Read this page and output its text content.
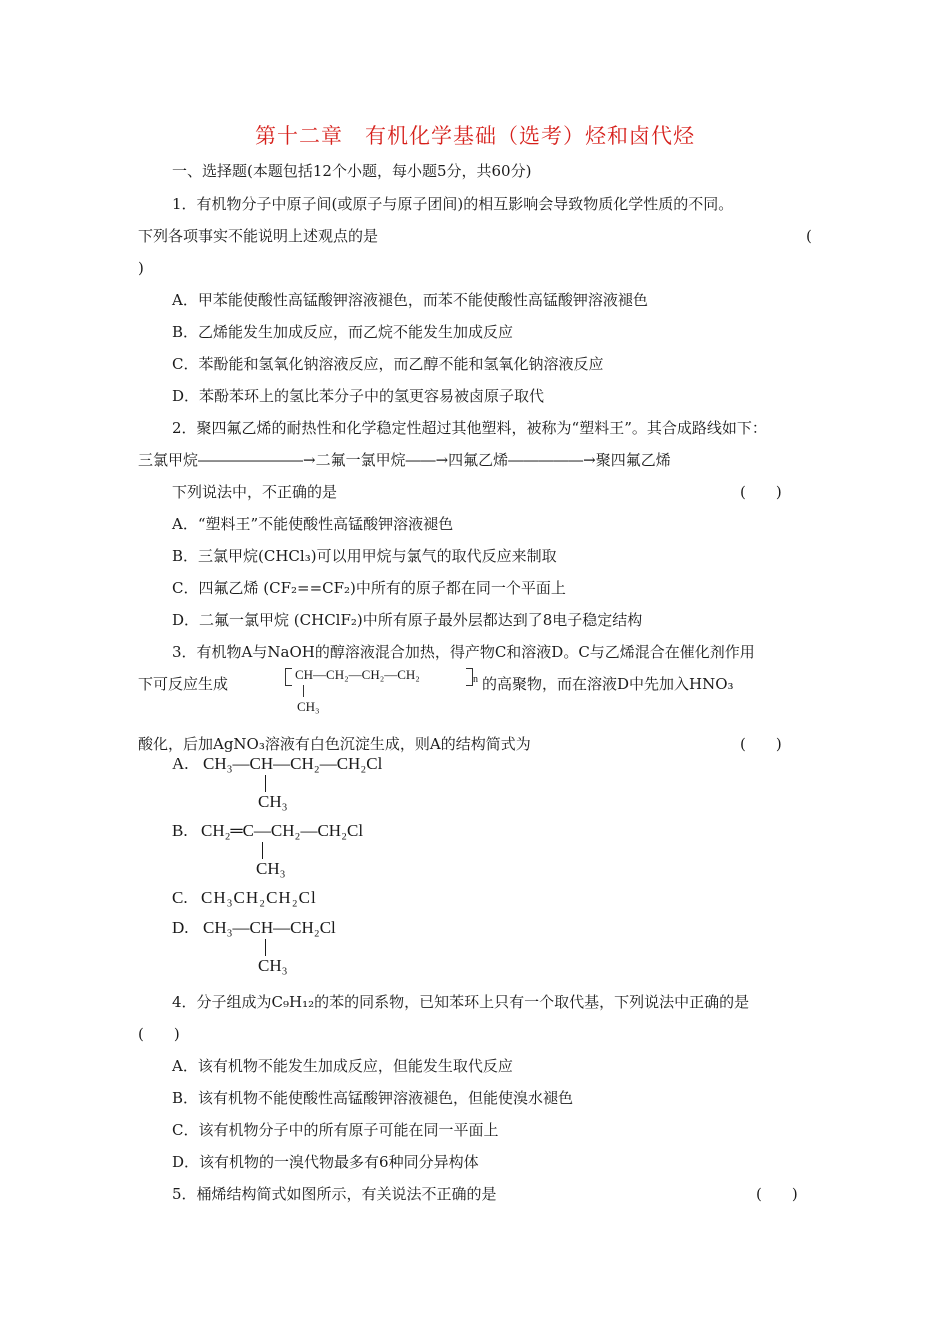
第十二章　有机化学基础（选考）烃和卤代烃
一、选择题(本题包括12个小题，每小题5分，共60分)
1．有机物分子中原子间(或原子与原子团间)的相互影响会导致物质化学性质的不同。
下列各项事实不能说明上述观点的是	(
)
A．甲苯能使酸性高锰酸钾溶液褪色，而苯不能使酸性高锰酸钾溶液褪色
B．乙烯能发生加成反应，而乙烷不能发生加成反应
C．苯酚能和氢氧化钠溶液反应，而乙醇不能和氢氧化钠溶液反应
D．苯酚苯环上的氢比苯分子中的氢更容易被卤原子取代
2．聚四氟乙烯的耐热性和化学稳定性超过其他塑料，被称为“塑料王”。其合成路线如下：
三氯甲烷―――――――→二氟一氯甲烷――→四氟乙烯―――――→聚四氟乙烯
下列说法中，不正确的是	(　　)
A．“塑料王”不能使酸性高锰酸钾溶液褪色
B．三氯甲烷(CHCl₃)可以用甲烷与氯气的取代反应来制取
C．四氟乙烯 (CF₂==CF₂)中所有的原子都在同一个平面上
D．二氟一氯甲烷 (CHClF₂)中所有原子最外层都达到了8电子稳定结构
3．有机物A与NaOH的醇溶液混合加热，得产物C和溶液D。C与乙烯混合在催化剂作用
下可反应生成
CH—CH₂—CH₂—CH₂	n
CH₃
的高聚物，而在溶液D中先加入HNO₃
酸化，后加AgNO₃溶液有白色沉淀生成，则A的结构简式为	(　　)
A. CH₃—CH—CH₂—CH₂Cl
CH₃
B. CH₂═C—CH₂—CH₂Cl
CH₃
C. CH₃CH₂CH₂Cl
D. CH₃—CH—CH₂Cl
CH₃
4．分子组成为C₉H₁₂的苯的同系物，已知苯环上只有一个取代基，下列说法中正确的是
(　　)
A．该有机物不能发生加成反应，但能发生取代反应
B．该有机物不能使酸性高锰酸钾溶液褪色，但能使溴水褪色
C．该有机物分子中的所有原子可能在同一平面上
D．该有机物的一溴代物最多有6种同分异构体
5．桶烯结构简式如图所示，有关说法不正确的是	(　　)
